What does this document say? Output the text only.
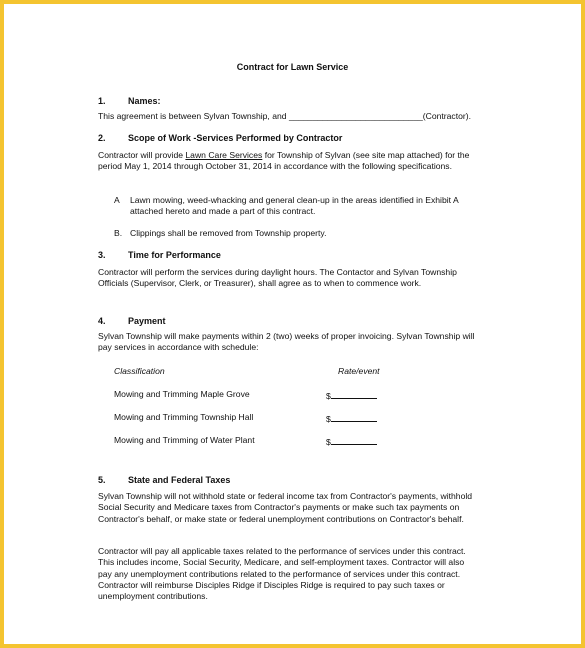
Contract for Lawn Service
1. Names:
This agreement is between Sylvan Township, and ____________________________(Contractor).
2. Scope of Work -Services Performed by Contractor
Contractor will provide Lawn Care Services for Township of Sylvan (see site map attached) for the period May 1, 2014 through October 31, 2014 in accordance with the following specifications.
A Lawn mowing, weed-whacking and general clean-up in the areas identified in Exhibit A attached hereto and made a part of this contract.
B. Clippings shall be removed from Township property.
3. Time for Performance
Contractor will perform the services during daylight hours. The Contactor and Sylvan Township Officials (Supervisor, Clerk, or Treasurer), shall agree as to when to commence work.
4. Payment
Sylvan Township will make payments within 2 (two) weeks of proper invoicing. Sylvan Township will pay services in accordance with schedule:
Classification	Rate/event
Mowing and Trimming Maple Grove	$
Mowing and Trimming Township Hall	$
Mowing and Trimming of Water Plant	$
5. State and Federal Taxes
Sylvan Township will not withhold state or federal income tax from Contractor's payments, withhold Social Security and Medicare taxes from Contractor's payments or make such tax payments on Contractor's behalf, or make state or federal unemployment contributions on Contractor's behalf.
Contractor will pay all applicable taxes related to the performance of services under this contract. This includes income, Social Security, Medicare, and self-employment taxes. Contractor will also pay any unemployment contributions related to the performance of services under this contract. Contractor will reimburse Disciples Ridge if Disciples Ridge is required to pay such taxes or unemployment contributions.
